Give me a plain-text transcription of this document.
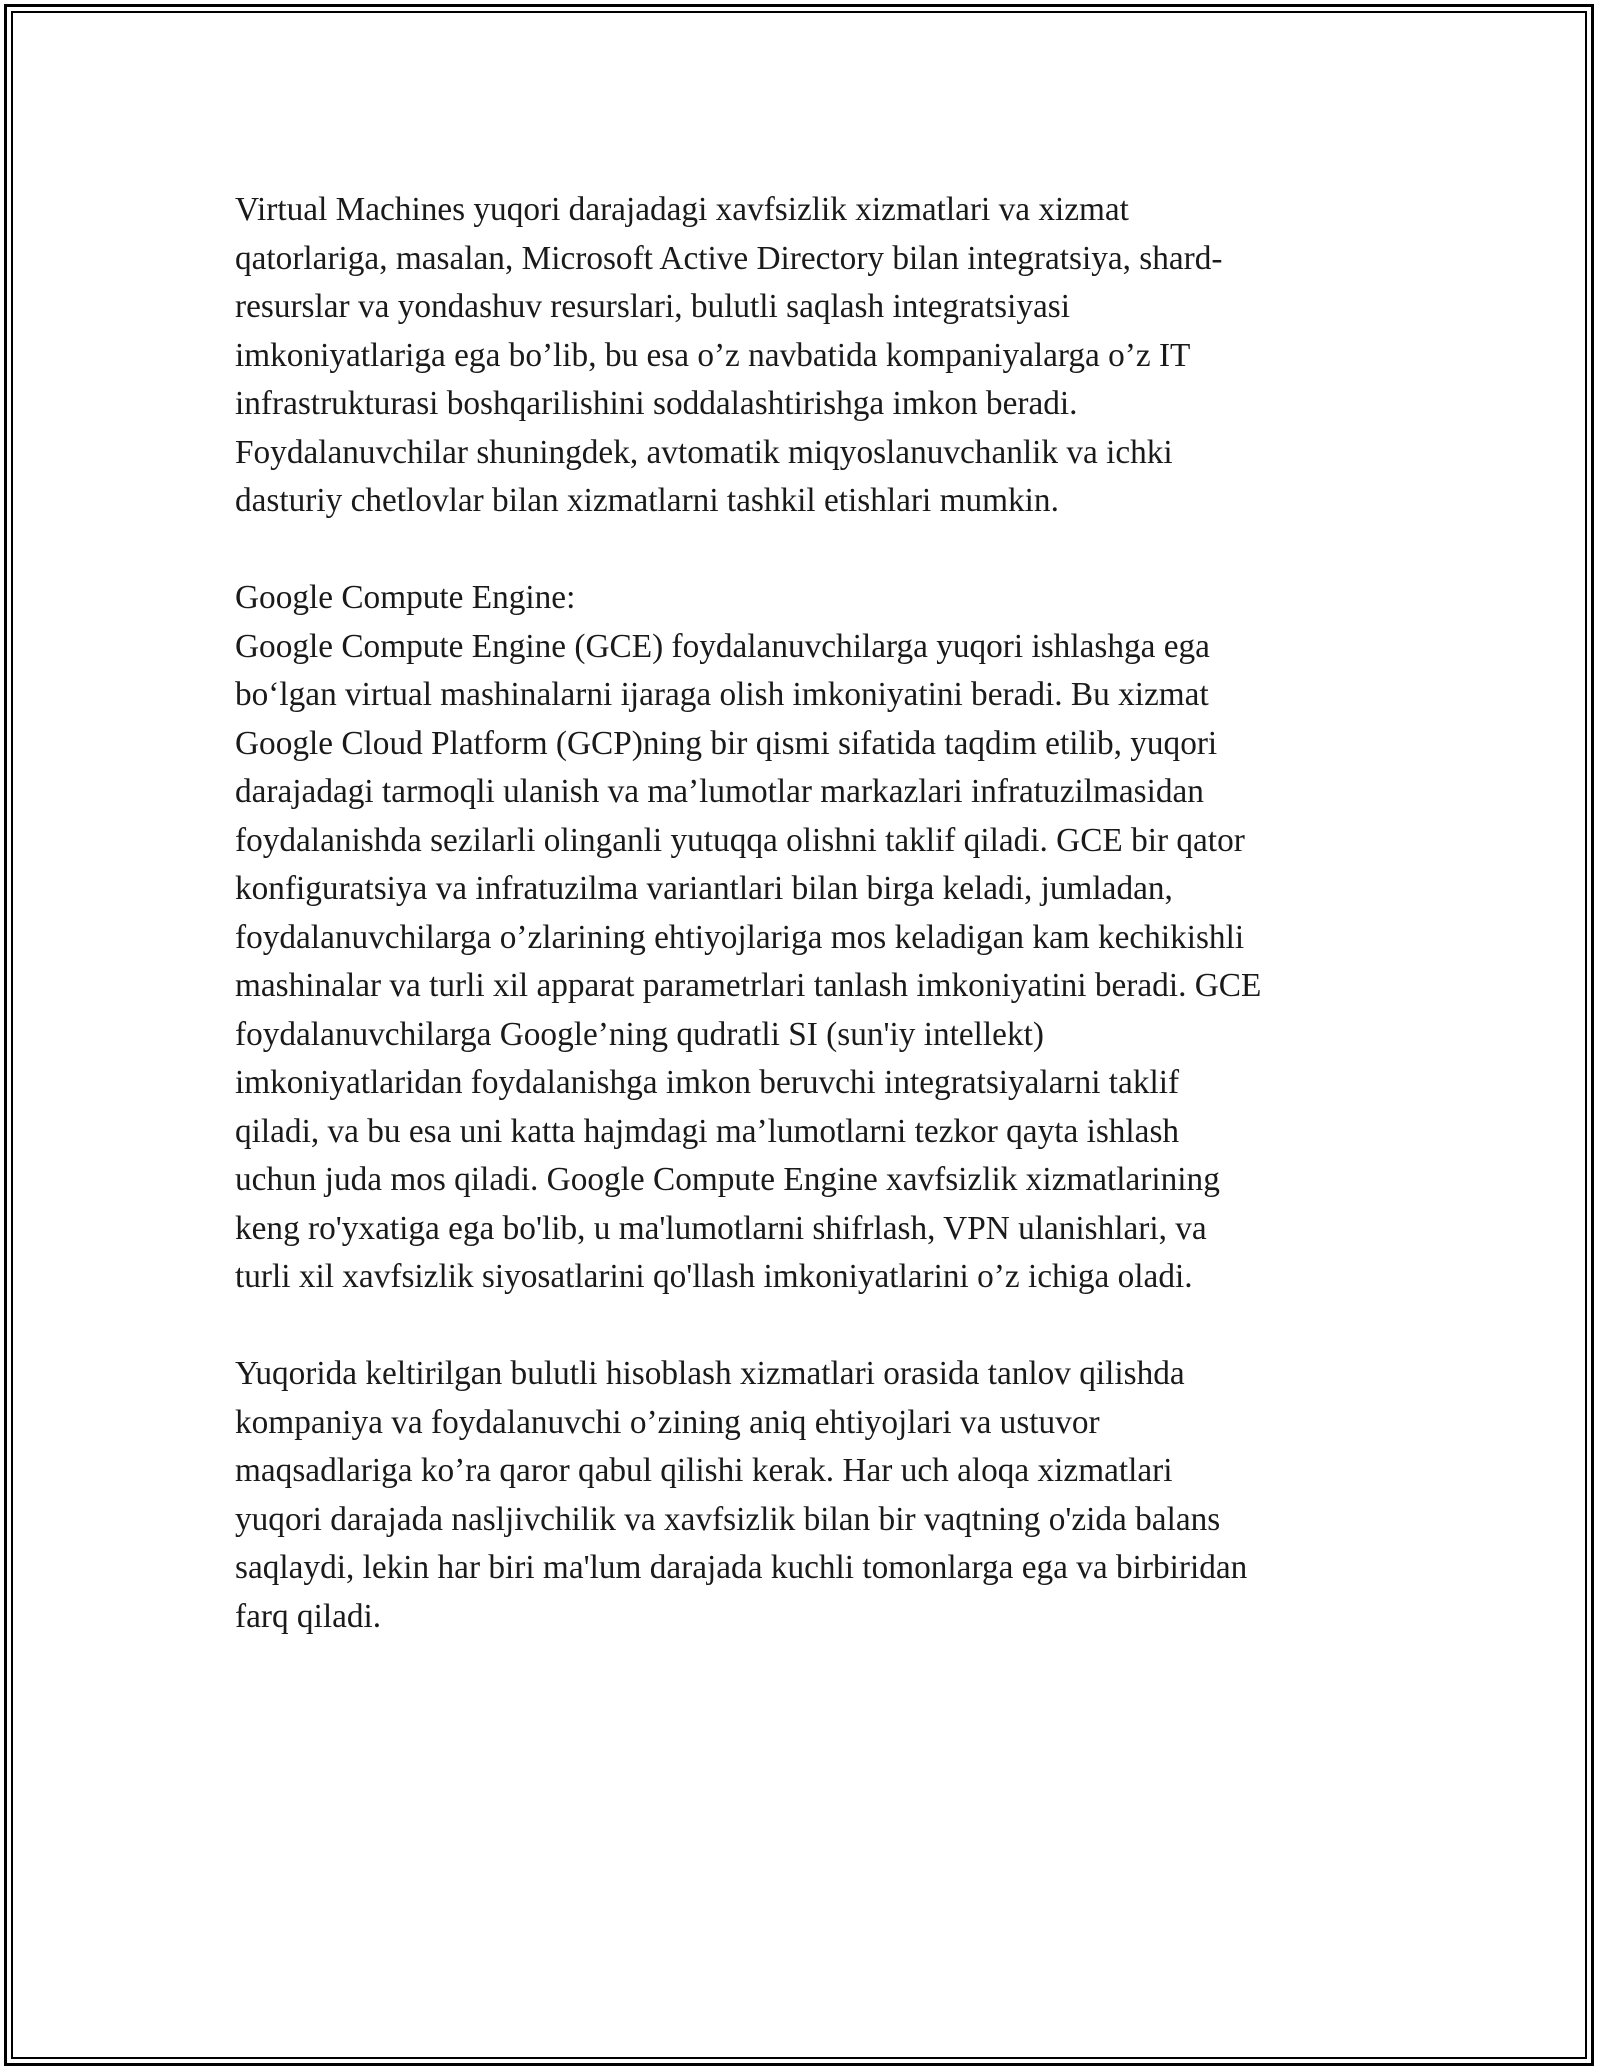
Virtual Machines yuqori darajadagi xavfsizlik xizmatlari va xizmat
qatorlariga, masalan, Microsoft Active Directory bilan integratsiya, shard-
resurslar va yondashuv resurslari, bulutli saqlash integratsiyasi
imkoniyatlariga ega bo’lib, bu esa o’z navbatida kompaniyalarga o’z IT
infrastrukturasi boshqarilishini soddalashtirishga imkon beradi.
Foydalanuvchilar shuningdek, avtomatik miqyoslanuvchanlik va ichki
dasturiy chetlovlar bilan xizmatlarni tashkil etishlari mumkin.

Google Compute Engine:
Google Compute Engine (GCE) foydalanuvchilarga yuqori ishlashga ega
bo‘lgan virtual mashinalarni ijaraga olish imkoniyatini beradi. Bu xizmat
Google Cloud Platform (GCP)ning bir qismi sifatida taqdim etilib, yuqori
darajadagi tarmoqli ulanish va ma’lumotlar markazlari infratuzilmasidan
foydalanishda sezilarli olinganli yutuqqa olishni taklif qiladi. GCE bir qator
konfiguratsiya va infratuzilma variantlari bilan birga keladi, jumladan,
foydalanuvchilarga o’zlarining ehtiyojlariga mos keladigan kam kechikishli
mashinalar va turli xil apparat parametrlari tanlash imkoniyatini beradi. GCE
foydalanuvchilarga Google’ning qudratli SI (sun'iy intellekt)
imkoniyatlaridan foydalanishga imkon beruvchi integratsiyalarni taklif
qiladi, va bu esa uni katta hajmdagi ma’lumotlarni tezkor qayta ishlash
uchun juda mos qiladi. Google Compute Engine xavfsizlik xizmatlarining
keng ro'yxatiga ega bo'lib, u ma'lumotlarni shifrlash, VPN ulanishlari, va
turli xil xavfsizlik siyosatlarini qo'llash imkoniyatlarini o’z ichiga oladi.

Yuqorida keltirilgan bulutli hisoblash xizmatlari orasida tanlov qilishda
kompaniya va foydalanuvchi o’zining aniq ehtiyojlari va ustuvor
maqsadlariga ko’ra qaror qabul qilishi kerak. Har uch aloqa xizmatlari
yuqori darajada nasljivchilik va xavfsizlik bilan bir vaqtning o'zida balans
saqlaydi, lekin har biri ma'lum darajada kuchli tomonlarga ega va birbiridan
farq qiladi.
